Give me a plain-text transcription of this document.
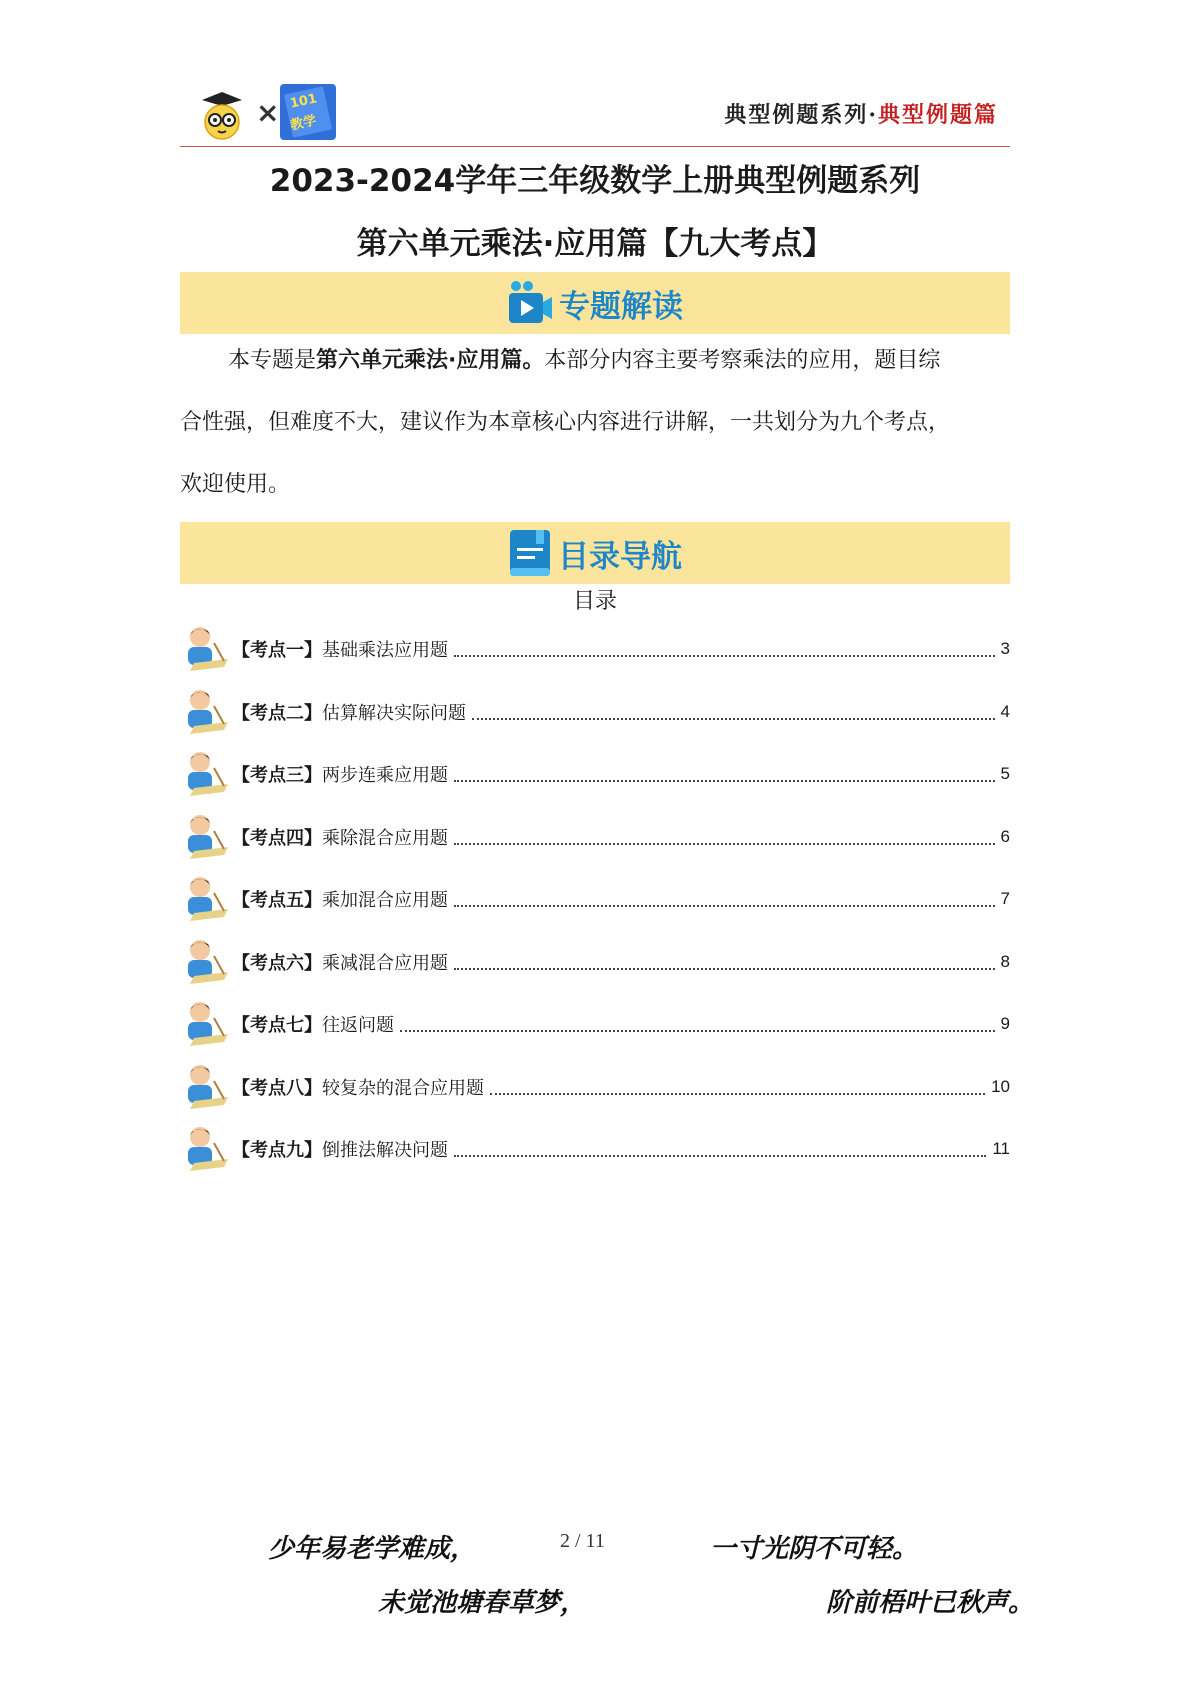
× 101
教学	典型例题系列·典型例题篇
2023-2024学年三年级数学上册典型例题系列
第六单元乘法·应用篇【九大考点】
专题解读
本专题是第六单元乘法·应用篇。本部分内容主要考察乘法的应用，题目综
合性强，但难度不大，建议作为本章核心内容进行讲解，一共划分为九个考点，
欢迎使用。
目录导航
目录
【考点一】基础乘法应用题	3
【考点二】估算解决实际问题	4
【考点三】两步连乘应用题	5
【考点四】乘除混合应用题	6
【考点五】乘加混合应用题	7
【考点六】乘减混合应用题	8
【考点七】往返问题	9
【考点八】较复杂的混合应用题	10
【考点九】倒推法解决问题	11
少年易老学难成，	2 / 11	一寸光阴不可轻。
未觉池塘春草梦，	阶前梧叶已秋声。
